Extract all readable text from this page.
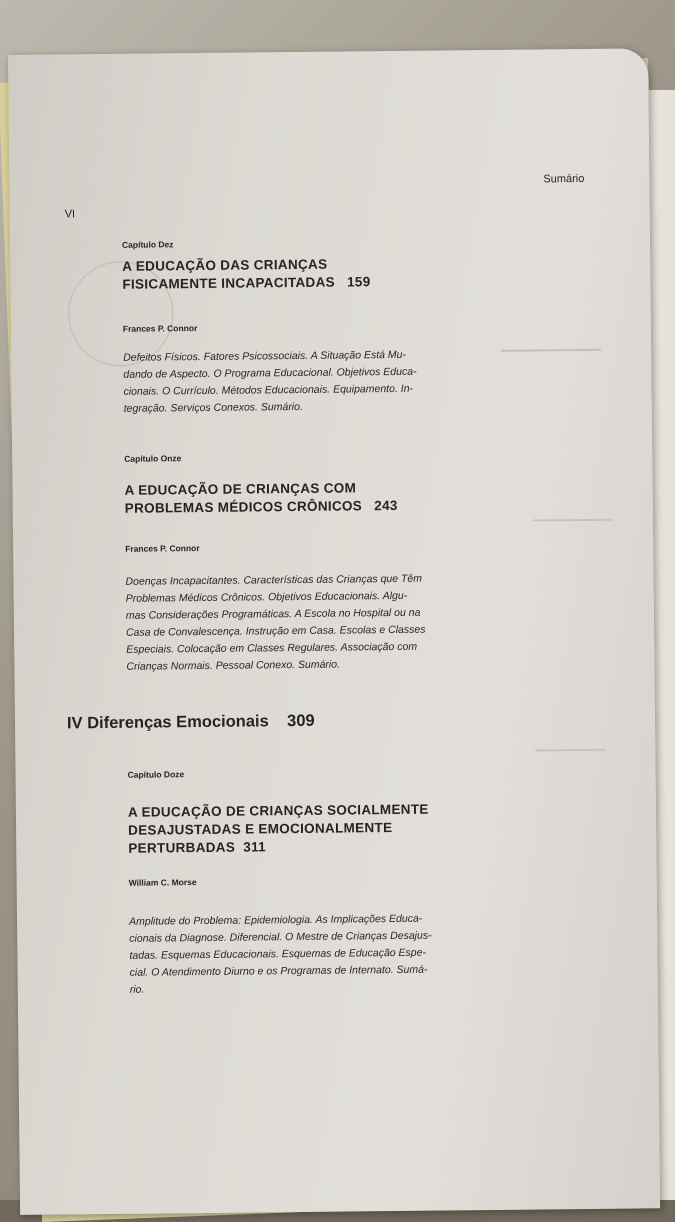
Sumário
VI
Capítulo Dez
A EDUCAÇÃO DAS CRIANÇAS
FISICAMENTE INCAPACITADAS 159
Frances P. Connor
Defeitos Físicos. Fatores Psicossociais. A Situação Está Mu-
dando de Aspecto. O Programa Educacional. Objetivos Educa-
cionais. O Currículo. Métodos Educacionais. Equipamento. In-
tegração. Serviços Conexos. Sumário.
Capítulo Onze
A EDUCAÇÃO DE CRIANÇAS COM
PROBLEMAS MÉDICOS CRÔNICOS 243
Frances P. Connor
Doenças Incapacitantes. Características das Crianças que Têm
Problemas Médicos Crônicos. Objetivos Educacionais. Algu-
mas Considerações Programáticas. A Escola no Hospital ou na
Casa de Convalescença. Instrução em Casa. Escolas e Classes
Especiais. Colocação em Classes Regulares. Associação com
Crianças Normais. Pessoal Conexo. Sumário.
IV Diferenças Emocionais 309
Capítulo Doze
A EDUCAÇÃO DE CRIANÇAS SOCIALMENTE
DESAJUSTADAS E EMOCIONALMENTE
PERTURBADAS 311
William C. Morse
Amplitude do Problema: Epidemiologia. As Implicações Educa-
cionais da Diagnose. Diferencial. O Mestre de Crianças Desajus-
tadas. Esquemas Educacionais. Esquemas de Educação Espe-
cial. O Atendimento Diurno e os Programas de Internato. Sumá-
rio.
